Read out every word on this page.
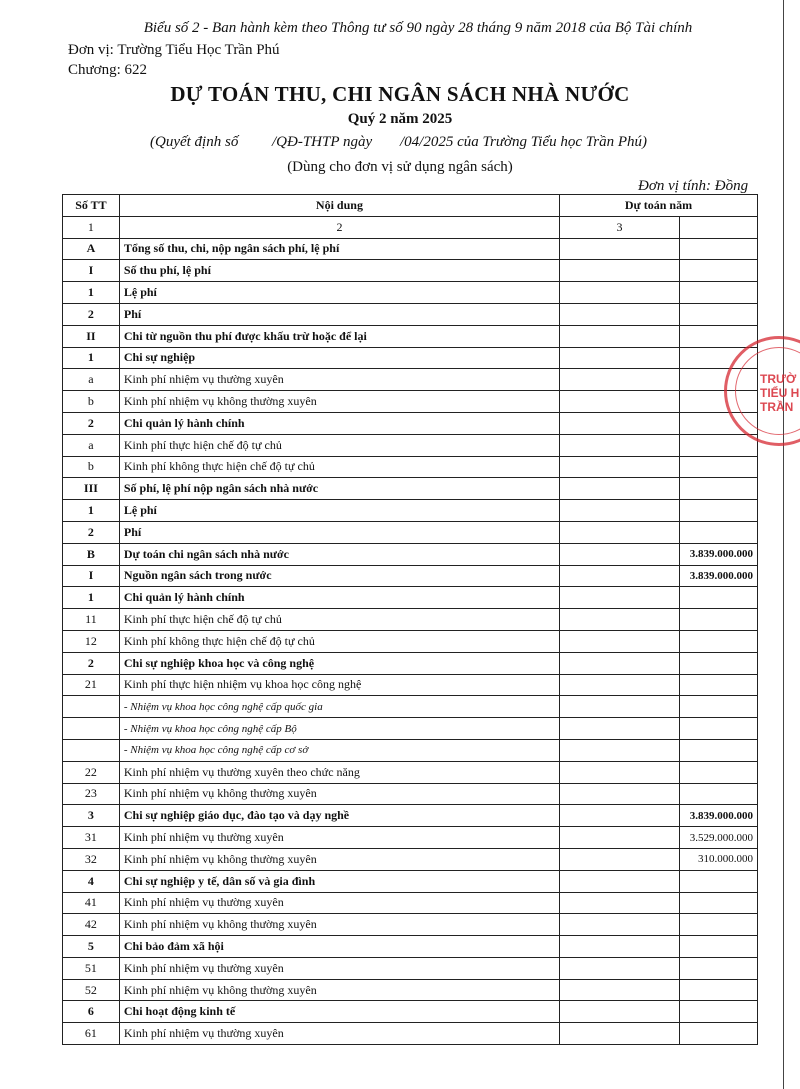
Biểu số 2 - Ban hành kèm theo Thông tư số 90 ngày 28 tháng 9 năm 2018 của Bộ Tài chính
Đơn vị: Trường Tiểu Học Trần Phú
Chương: 622
DỰ TOÁN THU, CHI NGÂN SÁCH NHÀ NƯỚC
Quý 2 năm 2025
(Quyết định số	/QĐ-THTP ngày	/04/2025 của Trường Tiểu học Trần Phú)
(Dùng cho đơn vị sử dụng ngân sách)
Đơn vị tính: Đồng
Số TT	Nội dung	Dự toán năm	
1	2	3	
A	Tổng số thu, chi, nộp ngân sách phí, lệ phí		
I	Số thu phí, lệ phí		
1	Lệ phí		
2	Phí		
II	Chi từ nguồn thu phí được khấu trừ hoặc để lại		
1	Chi sự nghiệp		
a	Kinh phí nhiệm vụ thường xuyên		
b	Kinh phí nhiệm vụ không thường xuyên		
2	Chi quản lý hành chính		
a	Kinh phí thực hiện chế độ tự chủ		
b	Kinh phí không thực hiện chế độ tự chủ		
III	Số phí, lệ phí nộp ngân sách nhà nước		
1	Lệ phí		
2	Phí		
B	Dự toán chi ngân sách nhà nước		3.839.000.000
I	Nguồn ngân sách trong nước		3.839.000.000
1	Chi quản lý hành chính		
11	Kinh phí thực hiện chế độ tự chủ		
12	Kinh phí không thực hiện chế độ tự chủ		
2	Chi sự nghiệp khoa học và công nghệ		
21	Kinh phí thực hiện nhiệm vụ khoa học công nghệ		
	- Nhiệm vụ khoa học công nghệ cấp quốc gia		
	- Nhiệm vụ khoa học công nghệ cấp Bộ		
	- Nhiệm vụ khoa học công nghệ cấp cơ sở		
22	Kinh phí nhiệm vụ thường xuyên theo chức năng		
23	Kinh phí nhiệm vụ không thường xuyên		
3	Chi sự nghiệp giáo dục, đào tạo và dạy nghề		3.839.000.000
31	Kinh phí nhiệm vụ thường xuyên		3.529.000.000
32	Kinh phí nhiệm vụ không thường xuyên		310.000.000
4	Chi sự nghiệp y tế, dân số và gia đình		
41	Kinh phí nhiệm vụ thường xuyên		
42	Kinh phí nhiệm vụ không thường xuyên		
5	Chi bảo đảm xã hội		
51	Kinh phí nhiệm vụ thường xuyên		
52	Kinh phí nhiệm vụ không thường xuyên		
6	Chi hoạt động kinh tế		
61	Kinh phí nhiệm vụ thường xuyên		
TRƯỜ
TIỂU H
TRẦN
